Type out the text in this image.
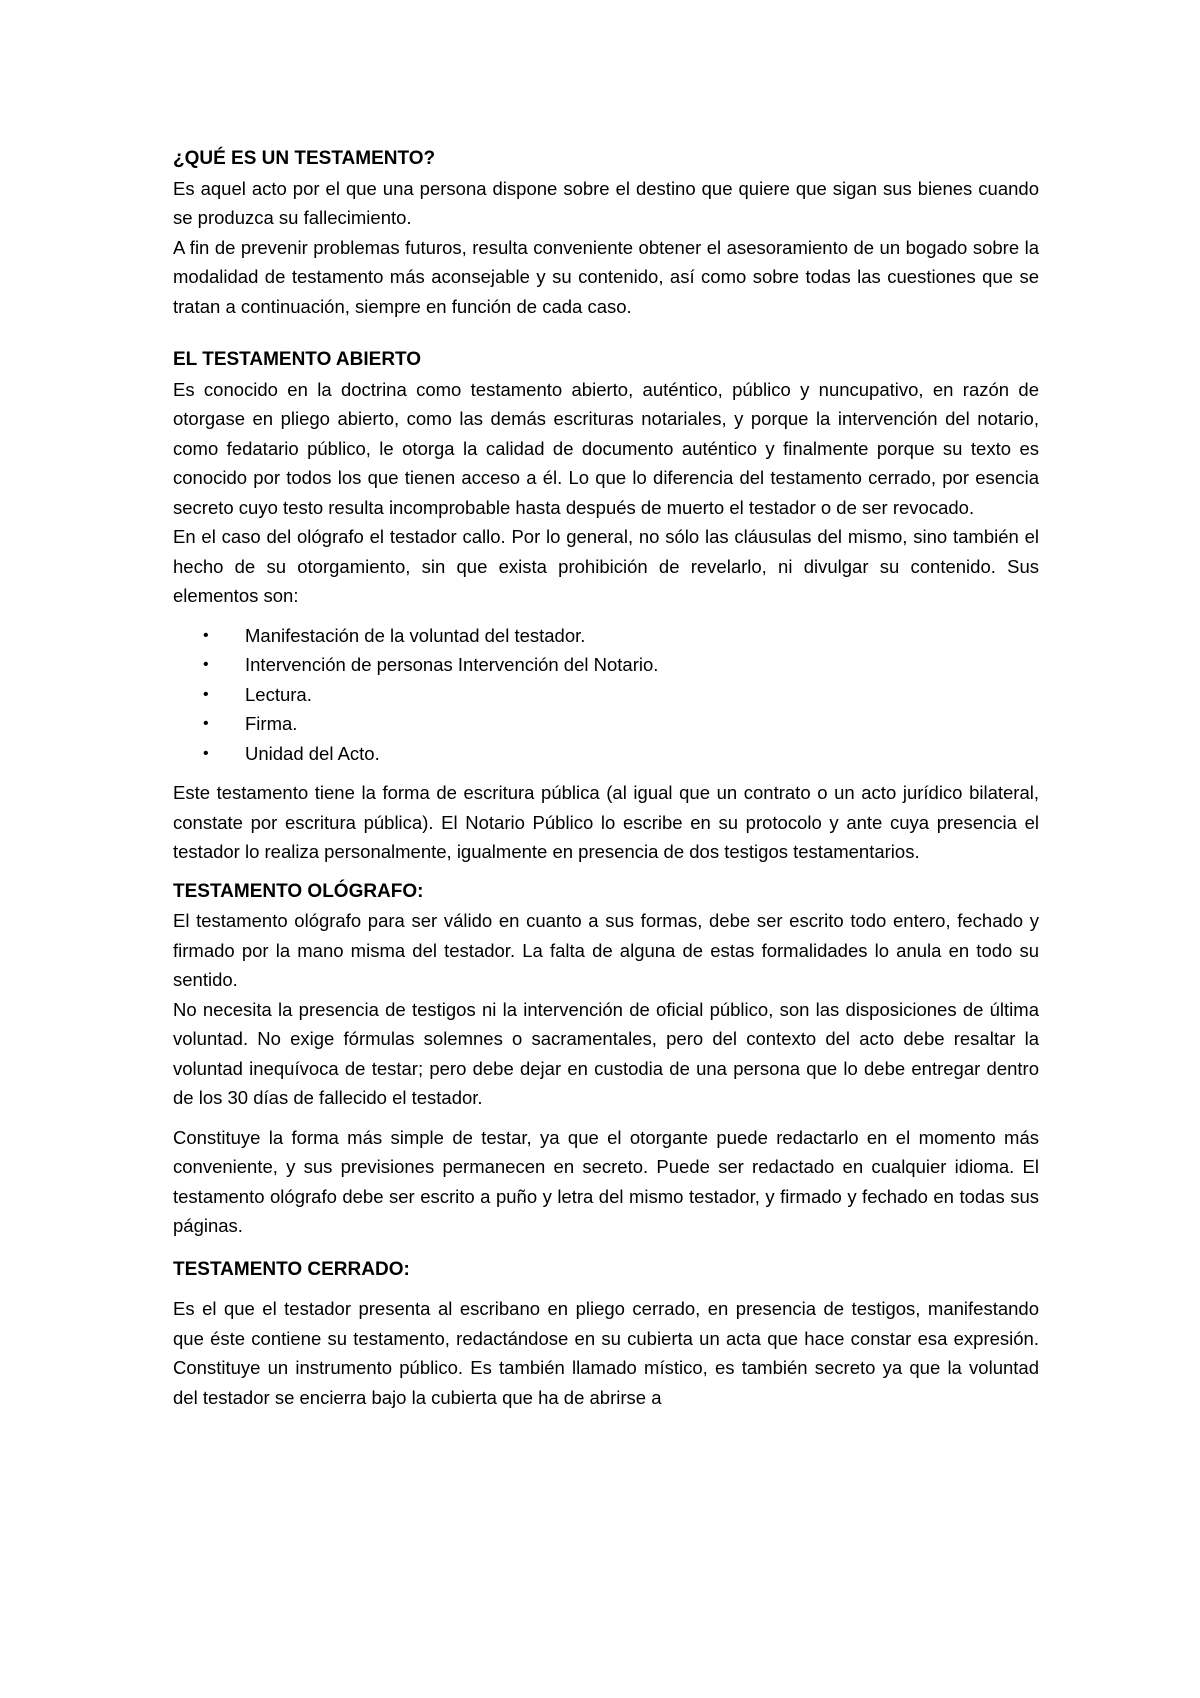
¿QUÉ ES UN TESTAMENTO?

Es aquel acto por el que una persona dispone sobre el destino que quiere que sigan sus bienes cuando se produzca su fallecimiento.

A fin de prevenir problemas futuros, resulta conveniente obtener el asesoramiento de un bogado sobre la modalidad de testamento más aconsejable y su contenido, así como sobre todas las cuestiones que se tratan a continuación, siempre en función de cada caso.

EL TESTAMENTO ABIERTO

Es conocido en la doctrina como testamento abierto, auténtico, público y nuncupativo, en razón de otorgase en pliego abierto, como las demás escrituras notariales, y porque la intervención del notario, como fedatario público, le otorga la calidad de documento auténtico y finalmente porque su texto es conocido por todos los que tienen acceso a él. Lo que lo diferencia del testamento cerrado, por esencia secreto cuyo testo resulta incomprobable hasta después de muerto el testador o de ser revocado.

En el caso del ológrafo el testador callo. Por lo general, no sólo las cláusulas del mismo, sino también el hecho de su otorgamiento, sin que exista prohibición de revelarlo, ni divulgar su contenido. Sus elementos son:

• Manifestación de la voluntad del testador.
• Intervención de personas Intervención del Notario.
• Lectura.
• Firma.
• Unidad del Acto.

Este testamento tiene la forma de escritura pública (al igual que un contrato o un acto jurídico bilateral, constate por escritura pública). El Notario Público lo escribe en su protocolo y ante cuya presencia el testador lo realiza personalmente, igualmente en presencia de dos testigos testamentarios.

TESTAMENTO OLÓGRAFO:

El testamento ológrafo para ser válido en cuanto a sus formas, debe ser escrito todo entero, fechado y firmado por la mano misma del testador. La falta de alguna de estas formalidades lo anula en todo su sentido.

No necesita la presencia de testigos ni la intervención de oficial público, son las disposiciones de última voluntad. No exige fórmulas solemnes o sacramentales, pero del contexto del acto debe resaltar la voluntad inequívoca de testar; pero debe dejar en custodia de una persona que lo debe entregar dentro de los 30 días de fallecido el testador.

Constituye la forma más simple de testar, ya que el otorgante puede redactarlo en el momento más conveniente, y sus previsiones permanecen en secreto. Puede ser redactado en cualquier idioma. El testamento ológrafo debe ser escrito a puño y letra del mismo testador, y firmado y fechado en todas sus páginas.

TESTAMENTO CERRADO:

Es el que el testador presenta al escribano en pliego cerrado, en presencia de testigos, manifestando que éste contiene su testamento, redactándose en su cubierta un acta que hace constar esa expresión. Constituye un instrumento público. Es también llamado místico, es también secreto ya que la voluntad del testador se encierra bajo la cubierta que ha de abrirse a
